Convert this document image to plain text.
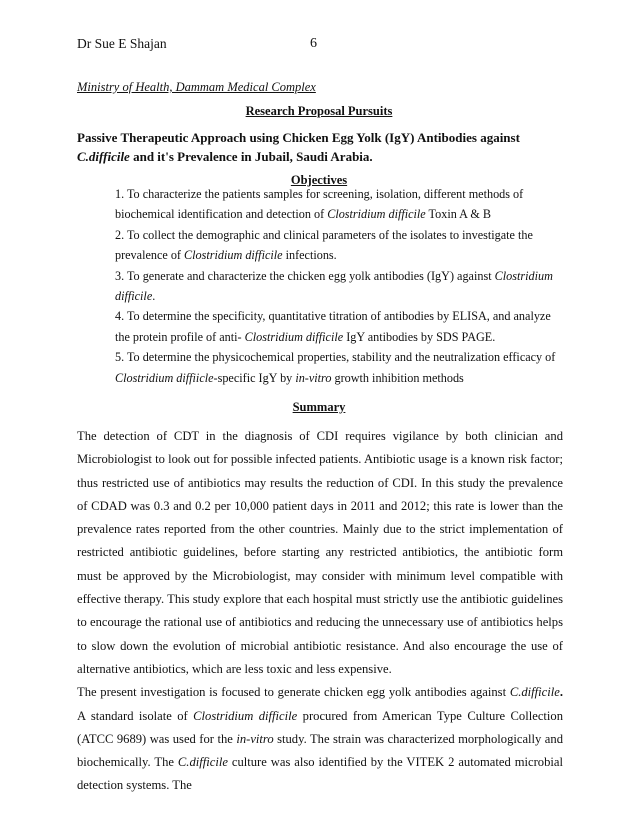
Dr Sue E Shajan	6
Ministry of Health, Dammam Medical Complex
Research Proposal Pursuits
Passive Therapeutic Approach using Chicken Egg Yolk (IgY) Antibodies against C.difficile and it's Prevalence in Jubail, Saudi Arabia.
Objectives

1. To characterize the patients samples for screening, isolation, different methods of biochemical identification and detection of Clostridium difficile Toxin A & B

2. To collect the demographic and clinical parameters of the isolates to investigate the prevalence of Clostridium difficile infections.

3. To generate and characterize the chicken egg yolk antibodies (IgY) against Clostridium difficile.

4. To determine the specificity, quantitative titration of antibodies by ELISA, and analyze the protein profile of anti- Clostridium difficile IgY antibodies by SDS PAGE.

5. To determine the physicochemical properties, stability and the neutralization efficacy of Clostridium diffiicle-specific IgY by in-vitro growth inhibition methods

Summary

The detection of CDT in the diagnosis of CDI requires vigilance by both clinician and Microbiologist to look out for possible infected patients. Antibiotic usage is a known risk factor; thus restricted use of antibiotics may results the reduction of CDI. In this study the prevalence of CDAD was 0.3 and 0.2 per 10,000 patient days in 2011 and 2012; this rate is lower than the prevalence rates reported from the other countries. Mainly due to the strict implementation of restricted antibiotic guidelines, before starting any restricted antibiotics, the antibiotic form must be approved by the Microbiologist, may consider with minimum level compatible with effective therapy. This study explore that each hospital must strictly use the antibiotic guidelines to encourage the rational use of antibiotics and reducing the unnecessary use of antibiotics helps to slow down the evolution of microbial antibiotic resistance. And also encourage the use of alternative antibiotics, which are less toxic and less expensive.

The present investigation is focused to generate chicken egg yolk antibodies against C.difficile. A standard isolate of Clostridium difficile procured from American Type Culture Collection (ATCC 9689) was used for the in-vitro study. The strain was characterized morphologically and biochemically. The C.difficile culture was also identified by the VITEK 2 automated microbial detection systems. The
